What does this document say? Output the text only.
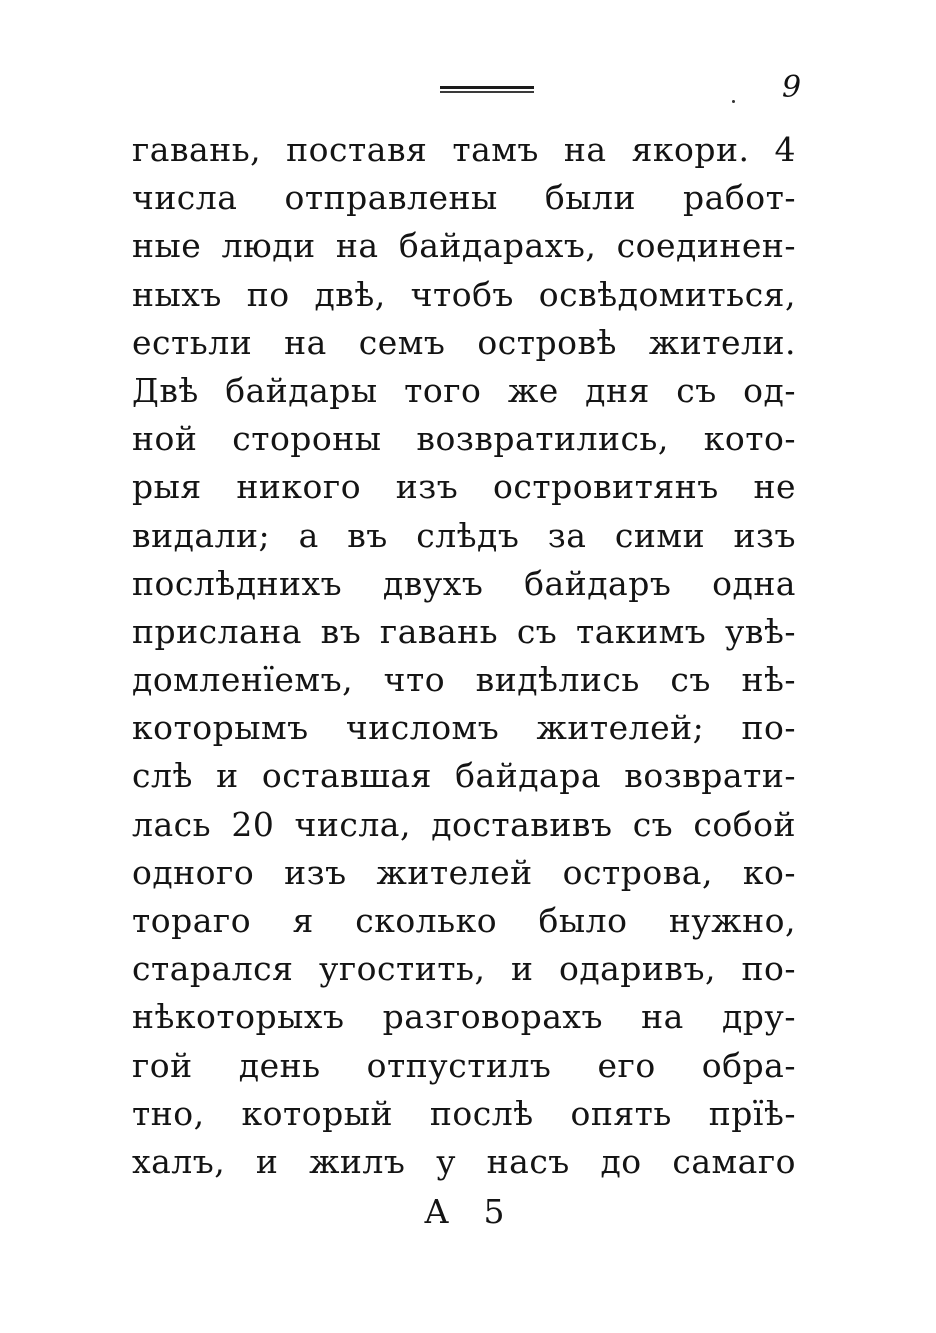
9
гавань, поставя тамъ на якори. 4
числа отправлены были работ-
ные люди на байдарахъ, соединен-
ныхъ по двѣ, чтобъ освѣдомиться,
естьли на семъ островѣ жители.
Двѣ байдары того же дня съ од-
ной стороны возвратились, кото-
рыя никого изъ островитянъ не
видали; а въ слѣдъ за сими изъ
послѣднихъ двухъ байдаръ одна
прислана въ гавань съ такимъ увѣ-
домленїемъ, что видѣлись съ нѣ-
которымъ числомъ жителей; по-
слѣ и оставшая байдара возврати-
лась 20 числа, доставивъ съ собой
одного изъ жителей острова, ко-
тораго я сколько было нужно,
старался угостить, и одаривъ, по-
нѣкоторыхъ разговорахъ на дру-
гой день отпустилъ его обра-
тно, который послѣ опять прїѣ-
халъ, и жилъ у насъ до самаго
А 5
